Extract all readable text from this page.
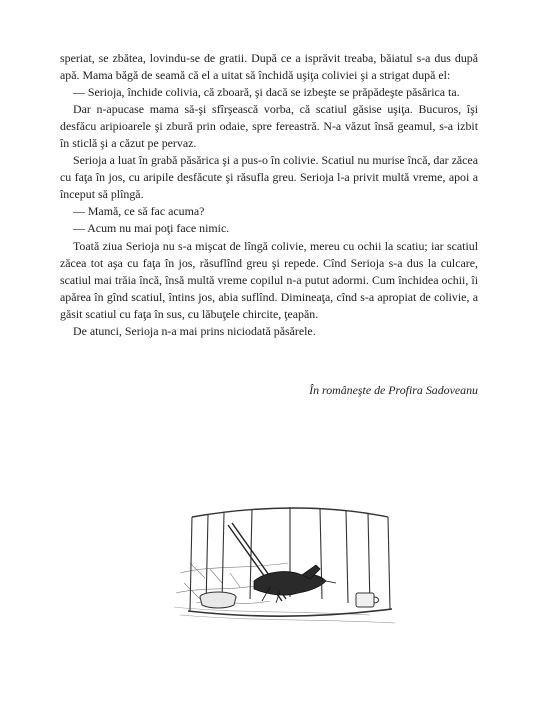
speriat, se zbătea, lovindu-se de gratii. După ce a isprăvit treaba, băiatul s-a dus după apă. Mama băgă de seamă că el a uitat să închidă uşiţa coliviei şi a strigat după el:

— Serioja, închide colivia, că zboară, şi dacă se izbeşte se prăpădeşte păsărica ta.

Dar n-apucase mama să-şi sfîrşească vorba, că scatiul găsise uşiţa. Bucuros, îşi desfăcu aripioarele şi zbură prin odaie, spre fereastră. N-a văzut însă geamul, s-a izbit în sticlă şi a căzut pe pervaz.

Serioja a luat în grabă păsărica şi a pus-o în colivie. Scatiul nu murise încă, dar zăcea cu faţa în jos, cu aripile desfăcute şi răsufla greu. Serioja l-a privit multă vreme, apoi a început să plîngă.

— Mamă, ce să fac acuma?

— Acum nu mai poţi face nimic.

Toată ziua Serioja nu s-a mişcat de lîngă colivie, mereu cu ochii la scatiu; iar scatiul zăcea tot aşa cu faţa în jos, răsuflînd greu şi repede. Cînd Serioja s-a dus la culcare, scatiul mai trăia încă, însă multă vreme copilul n-a putut adormi. Cum închidea ochii, îi apărea în gînd scatiul, întins jos, abia suflînd. Dimineaţa, cînd s-a apropiat de colivie, a găsit scatiul cu faţa în sus, cu lăbuţele chircite, ţeapăn.

De atunci, Serioja n-a mai prins niciodată păsărele.

În româneşte de Profira Sadoveanu
